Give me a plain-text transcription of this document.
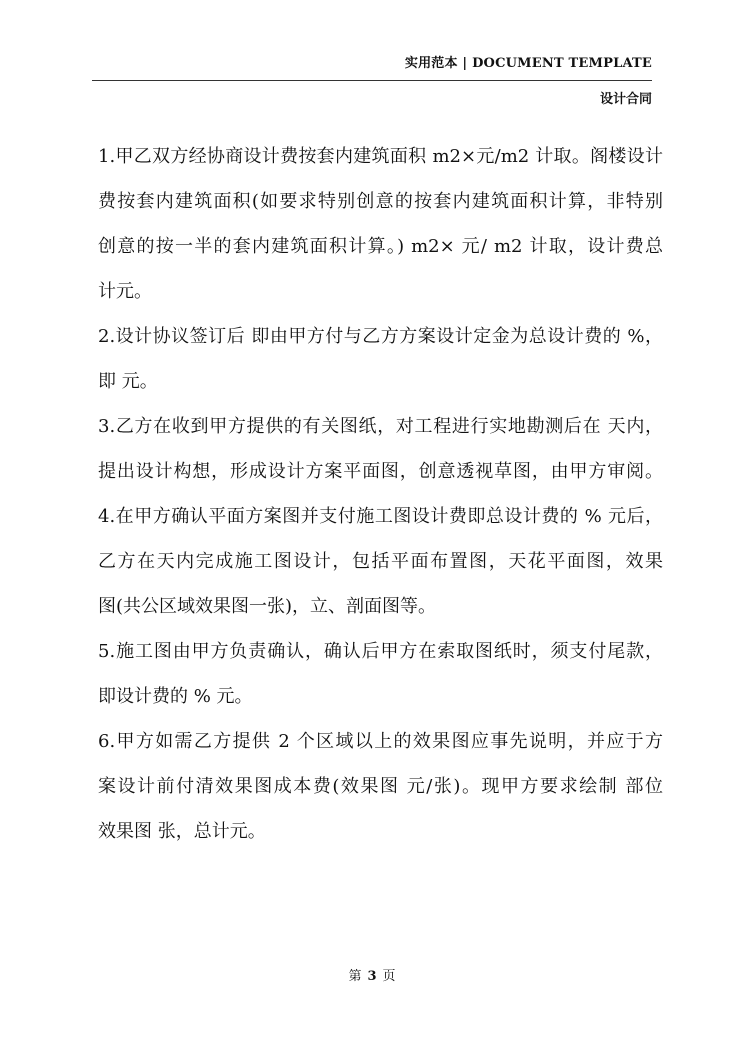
实用范本 | DOCUMENT TEMPLATE
设计合同
1.甲乙双方经协商设计费按套内建筑面积 m2×元/m2 计取。阁楼设计
费按套内建筑面积(如要求特别创意的按套内建筑面积计算，非特别
创意的按一半的套内建筑面积计算。) m2× 元/ m2 计取，设计费总
计元。
2.设计协议签订后 即由甲方付与乙方方案设计定金为总设计费的 %，
即 元。
3.乙方在收到甲方提供的有关图纸，对工程进行实地勘测后在 天内，
提出设计构想，形成设计方案平面图，创意透视草图，由甲方审阅。
4.在甲方确认平面方案图并支付施工图设计费即总设计费的 % 元后，
乙方在天内完成施工图设计，包括平面布置图，天花平面图，效果
图(共公区域效果图一张)，立、剖面图等。
5.施工图由甲方负责确认，确认后甲方在索取图纸时，须支付尾款，
即设计费的 % 元。
6.甲方如需乙方提供 2 个区域以上的效果图应事先说明，并应于方
案设计前付清效果图成本费(效果图 元/张)。现甲方要求绘制 部位
效果图 张，总计元。
第 3 页
